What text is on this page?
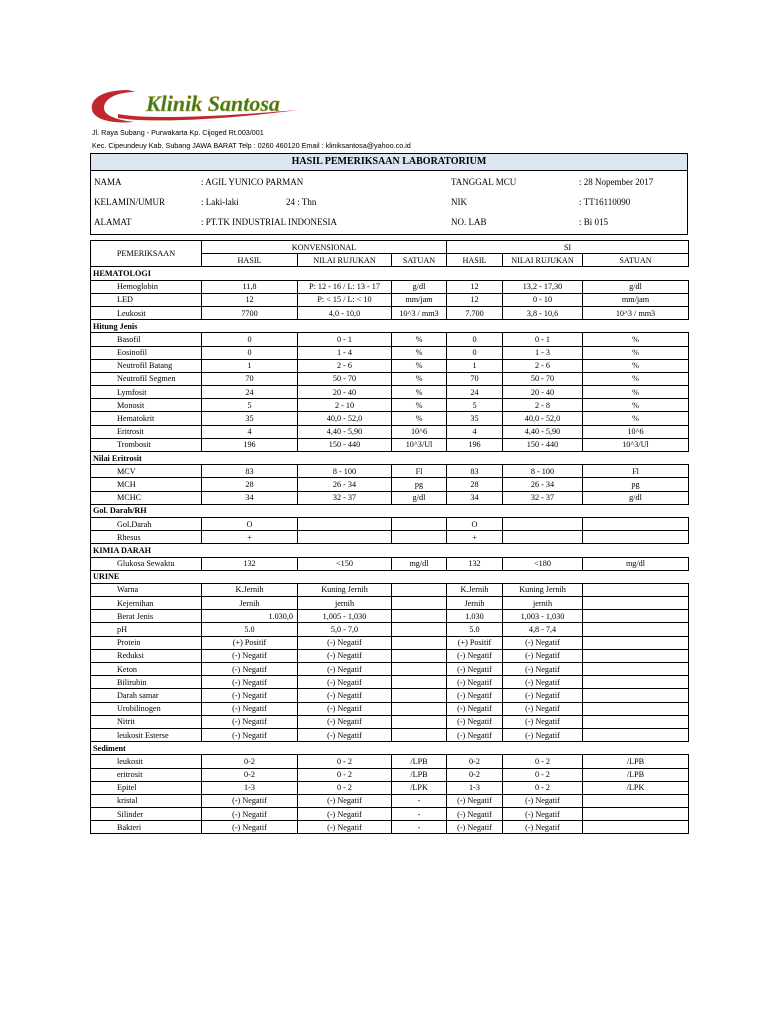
Klinik Santosa
Jl. Raya Subang - Purwakarta Kp. Cijoged Rt.003/001
Kec. Cipeundeuy Kab. Subang JAWA BARAT Telp : 0260 460120 Email : kliniksantosa@yahoo.co.id
HASIL PEMERIKSAAN LABORATORIUM
NAMA	: AGIL YUNICO PARMAN
KELAMIN/UMUR	: Laki-laki	24 : Thn
ALAMAT	: PT.TK INDUSTRIAL INDONESIA
TANGGAL MCU	: 28 Nopember 2017
NIK	: TT16110090
NO. LAB	: Bi 015
PEMERIKSAAN	KONVENSIONAL			SI		
	HASIL	NILAI RUJUKAN	SATUAN	HASIL	NILAI RUJUKAN	SATUAN
HEMATOLOGI						
Hemoglobin	11,8	P: 12 - 16 / L: 13 - 17	g/dl	12	13,2 - 17,30	g/dl
LED	12	P: < 15 / L: < 10	mm/jam	12	0 - 10	mm/jam
Leukosit	7700	4,0 - 10,0	10^3 / mm3	7.700	3,8 - 10,6	10^3 / mm3
Hitung Jenis						
Basofil	0	0 - 1	%	0	0 - 1	%
Eosinofil	0	1 - 4	%	0	1 - 3	%
Neutrofil Batang	1	2 - 6	%	1	2 - 6	%
Neutrofil Segmen	70	50 - 70	%	70	50 - 70	%
Lymfosit	24	20 - 40	%	24	20 - 40	%
Monosit	5	2 - 10	%	5	2 - 8	%
Hematokrit	35	40,0 - 52,0	%	35	40,0 - 52,0	%
Eritrosit	4	4,40 - 5,90	10^6	4	4,40 - 5,90	10^6
Trombosit	196	150 - 440	10^3/Ul	196	150 - 440	10^3/Ul
Nilai Eritrosit						
MCV	83	8 - 100	Fl	83	8 - 100	Fl
MCH	28	26 - 34	pg	28	26 - 34	pg
MCHC	34	32 - 37	g/dl	34	32 - 37	g/dl
Gol. Darah/RH						
Gol.Darah	O			O		
Rhesus	+			+		
KIMIA DARAH						
Glukosa Sewaktu	132	<150	mg/dl	132	<180	mg/dl
URINE						
Warna	K.Jernih	Kuning Jernih		K.Jernih	Kuning Jernih	
Kejernihan	Jernih	jernih		Jernih	jernih	
Berat Jenis	1.030,0	1,005 - 1,030		1.030	1,003 - 1,030	
pH	5.0	5,0 - 7,0		5.0	4,8 - 7,4	
Protein	(+) Positif	(-) Negatif		(+) Positif	(-) Negatif	
Reduksi	(-) Negatif	(-) Negatif		(-) Negatif	(-) Negatif	
Keton	(-) Negatif	(-) Negatif		(-) Negatif	(-) Negatif	
Bilirubin	(-) Negatif	(-) Negatif		(-) Negatif	(-) Negatif	
Darah samar	(-) Negatif	(-) Negatif		(-) Negatif	(-) Negatif	
Urobilinogen	(-) Negatif	(-) Negatif		(-) Negatif	(-) Negatif	
Nitrit	(-) Negatif	(-) Negatif		(-) Negatif	(-) Negatif	
leukosit Esterse	(-) Negatif	(-) Negatif		(-) Negatif	(-) Negatif	
Sediment						
leukosit	0-2	0 - 2	/LPB	0-2	0 - 2	/LPB
eritrosit	0-2	0 - 2	/LPB	0-2	0 - 2	/LPB
Epitel	1-3	0 - 2	/LPK	1-3	0 - 2	/LPK
kristal	(-) Negatif	(-) Negatif	-	(-) Negatif	(-) Negatif	
Silinder	(-) Negatif	(-) Negatif	-	(-) Negatif	(-) Negatif	
Bakteri	(-) Negatif	(-) Negatif	-	(-) Negatif	(-) Negatif	
